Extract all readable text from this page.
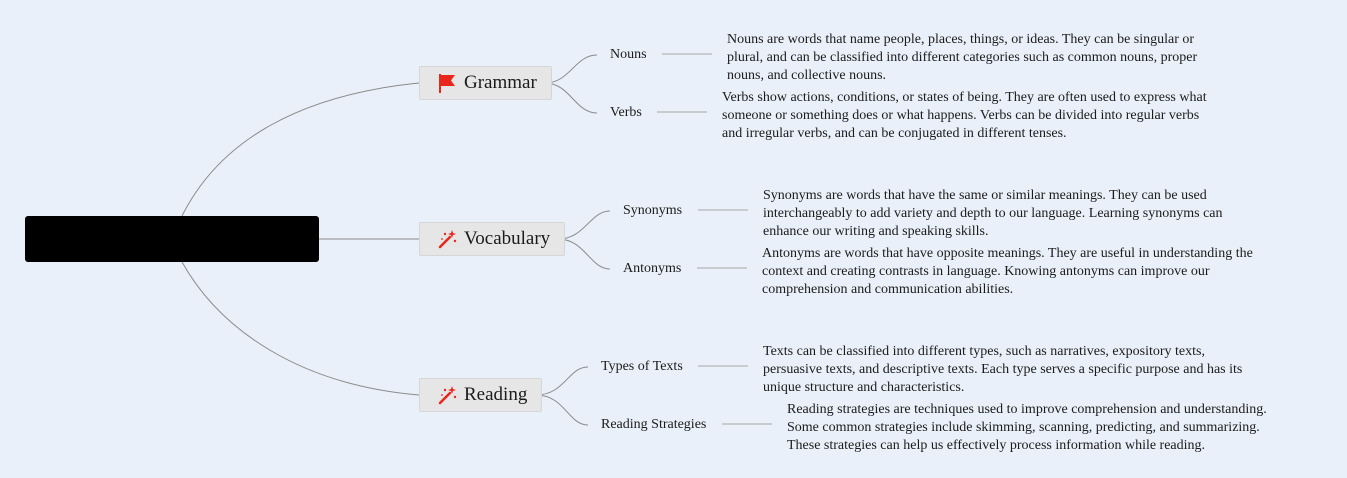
Grammar
Vocabulary
Reading
Nouns
Nouns are words that name people, places, things, or ideas. They can be singular or plural, and can be classified into different categories such as common nouns, proper nouns, and collective nouns.
Verbs
Verbs show actions, conditions, or states of being. They are often used to express what someone or something does or what happens. Verbs can be divided into regular verbs and irregular verbs, and can be conjugated in different tenses.
Synonyms
Synonyms are words that have the same or similar meanings. They can be used interchangeably to add variety and depth to our language. Learning synonyms can enhance our writing and speaking skills.
Antonyms
Antonyms are words that have opposite meanings. They are useful in understanding the context and creating contrasts in language. Knowing antonyms can improve our comprehension and communication abilities.
Types of Texts
Texts can be classified into different types, such as narratives, expository texts, persuasive texts, and descriptive texts. Each type serves a specific purpose and has its unique structure and characteristics.
Reading Strategies
Reading strategies are techniques used to improve comprehension and understanding. Some common strategies include skimming, scanning, predicting, and summarizing. These strategies can help us effectively process information while reading.
